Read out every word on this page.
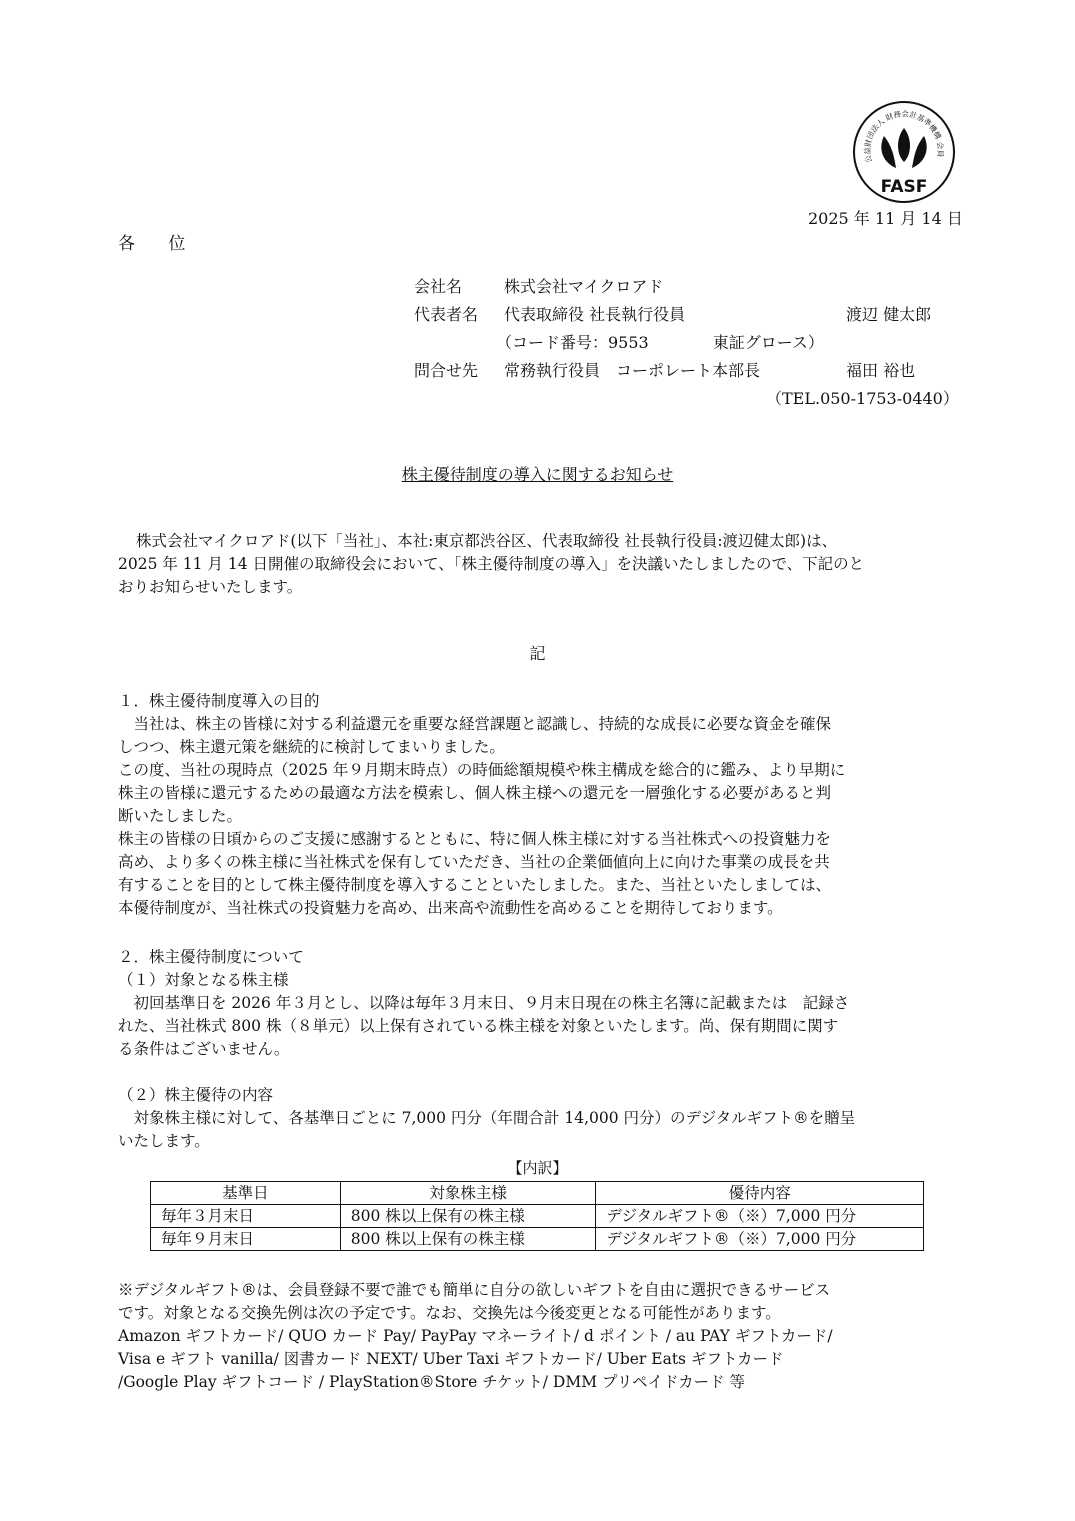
公益財団法人 財務会計基準機構 会員
FASF
2025 年 11 月 14 日
各 位
会社名	株式会社マイクロアド
代表者名 代表取締役 社長執行役員	渡辺 健太郎
（コード番号：9553　　　　東証グロース）
問合せ先 常務執行役員　コーポレート本部長	福田 裕也
（TEL.050-1753-0440）
株主優待制度の導入に関するお知らせ
株式会社マイクロアド(以下「当社」、本社:東京都渋谷区、代表取締役 社長執行役員:渡辺健太郎)は、
2025 年 11 月 14 日開催の取締役会において、「株主優待制度の導入」を決議いたしましたので、下記のと
おりお知らせいたします。
記
１．株主優待制度導入の目的
　当社は、株主の皆様に対する利益還元を重要な経営課題と認識し、持続的な成長に必要な資金を確保
しつつ、株主還元策を継続的に検討してまいりました。
この度、当社の現時点（2025 年９月期末時点）の時価総額規模や株主構成を総合的に鑑み、より早期に
株主の皆様に還元するための最適な方法を模索し、個人株主様への還元を一層強化する必要があると判
断いたしました。
株主の皆様の日頃からのご支援に感謝するとともに、特に個人株主様に対する当社株式への投資魅力を
高め、より多くの株主様に当社株式を保有していただき、当社の企業価値向上に向けた事業の成長を共
有することを目的として株主優待制度を導入することといたしました。また、当社といたしましては、
本優待制度が、当社株式の投資魅力を高め、出来高や流動性を高めることを期待しております。
２．株主優待制度について
（１）対象となる株主様
　初回基準日を 2026 年３月とし、以降は毎年３月末日、９月末日現在の株主名簿に記載または　記録さ
れた、当社株式 800 株（８単元）以上保有されている株主様を対象といたします。尚、保有期間に関す
る条件はございません。
（２）株主優待の内容
　対象株主様に対して、各基準日ごとに 7,000 円分（年間合計 14,000 円分）のデジタルギフト®を贈呈
いたします。
【内訳】
基準日	対象株主様	優待内容
毎年３月末日	800 株以上保有の株主様	デジタルギフト®（※）7,000 円分
毎年９月末日	800 株以上保有の株主様	デジタルギフト®（※）7,000 円分
※デジタルギフト®は、会員登録不要で誰でも簡単に自分の欲しいギフトを自由に選択できるサービス
です。対象となる交換先例は次の予定です。なお、交換先は今後変更となる可能性があります。
Amazon ギフトカード/ QUO カード Pay/ PayPay マネーライト/ d ポイント / au PAY ギフトカード/
Visa e ギフト vanilla/ 図書カード NEXT/ Uber Taxi ギフトカード/ Uber Eats ギフトカード
/Google Play ギフトコード / PlayStation®Store チケット/ DMM プリペイドカード 等
